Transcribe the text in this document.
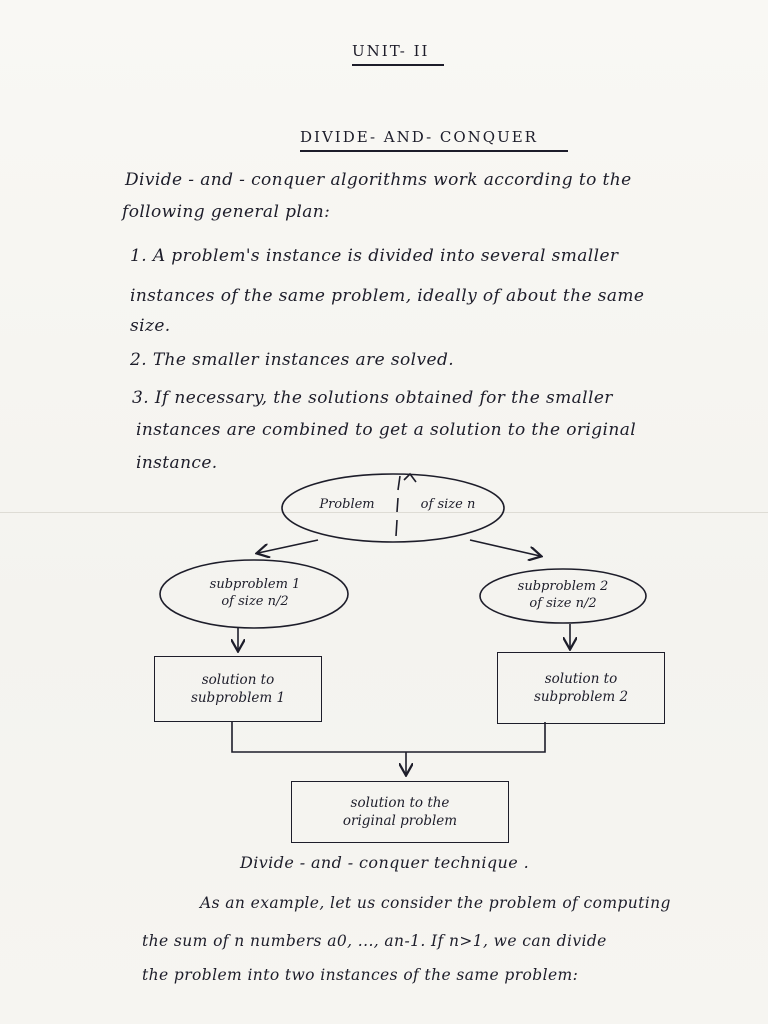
UNIT- II
DIVIDE- AND- CONQUER
Divide - and - conquer algorithms work according to the
following general plan:
1. A problem's instance is divided into several smaller
instances of the same problem, ideally of about the same
size.
2. The smaller instances are solved.
3. If necessary, the solutions obtained for the smaller
instances are combined to get a solution to the original
instance.
Problem	of size n
subproblem 1
of size n/2
subproblem 2
of size n/2
solution to
subproblem 1
solution to
subproblem 2
solution to the
original problem
Divide - and - conquer technique .
As an example, let us consider the problem of computing
the sum of n numbers a0, ..., an-1. If n>1, we can divide
the problem into two instances of the same problem:
